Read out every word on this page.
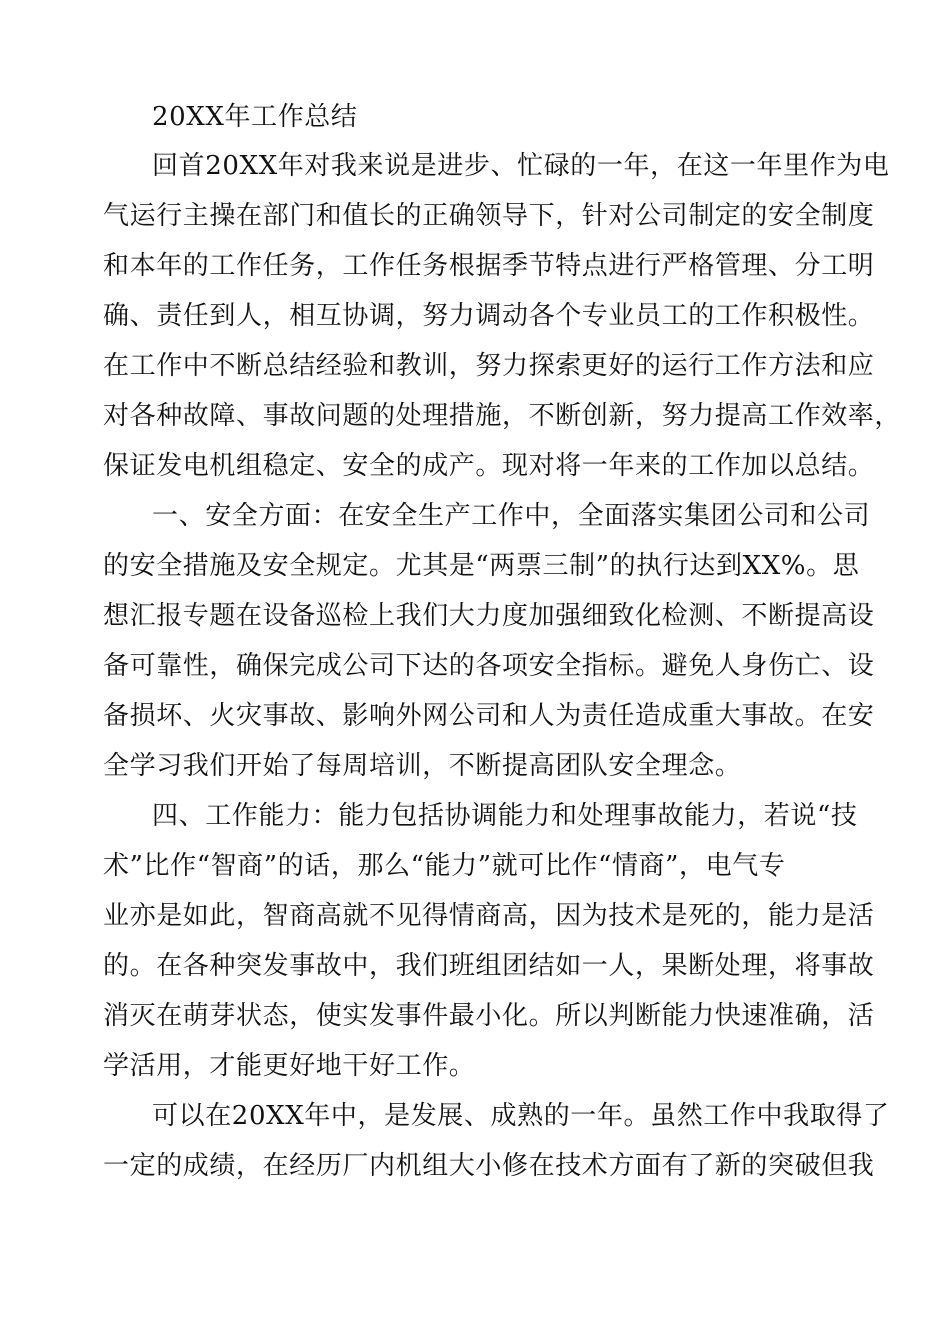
20XX年工作总结
回首20XX年对我来说是进步、忙碌的一年，在这一年里作为电
气运行主操在部门和值长的正确领导下，针对公司制定的安全制度
和本年的工作任务，工作任务根据季节特点进行严格管理、分工明
确、责任到人，相互协调，努力调动各个专业员工的工作积极性。
在工作中不断总结经验和教训，努力探索更好的运行工作方法和应
对各种故障、事故问题的处理措施，不断创新，努力提高工作效率，
保证发电机组稳定、安全的成产。现对将一年来的工作加以总结。
一、安全方面：在安全生产工作中，全面落实集团公司和公司
的安全措施及安全规定。尤其是“两票三制”的执行达到XX%。思
想汇报专题在设备巡检上我们大力度加强细致化检测、不断提高设
备可靠性，确保完成公司下达的各项安全指标。避免人身伤亡、设
备损坏、火灾事故、影响外网公司和人为责任造成重大事故。在安
全学习我们开始了每周培训，不断提高团队安全理念。
四、工作能力：能力包括协调能力和处理事故能力，若说“技
术”比作“智商”的话，那么“能力”就可比作“情商”，电气专
业亦是如此，智商高就不见得情商高，因为技术是死的，能力是活
的。在各种突发事故中，我们班组团结如一人，果断处理，将事故
消灭在萌芽状态，使实发事件最小化。所以判断能力快速准确，活
学活用，才能更好地干好工作。
可以在20XX年中，是发展、成熟的一年。虽然工作中我取得了
一定的成绩，在经历厂内机组大小修在技术方面有了新的突破但我
